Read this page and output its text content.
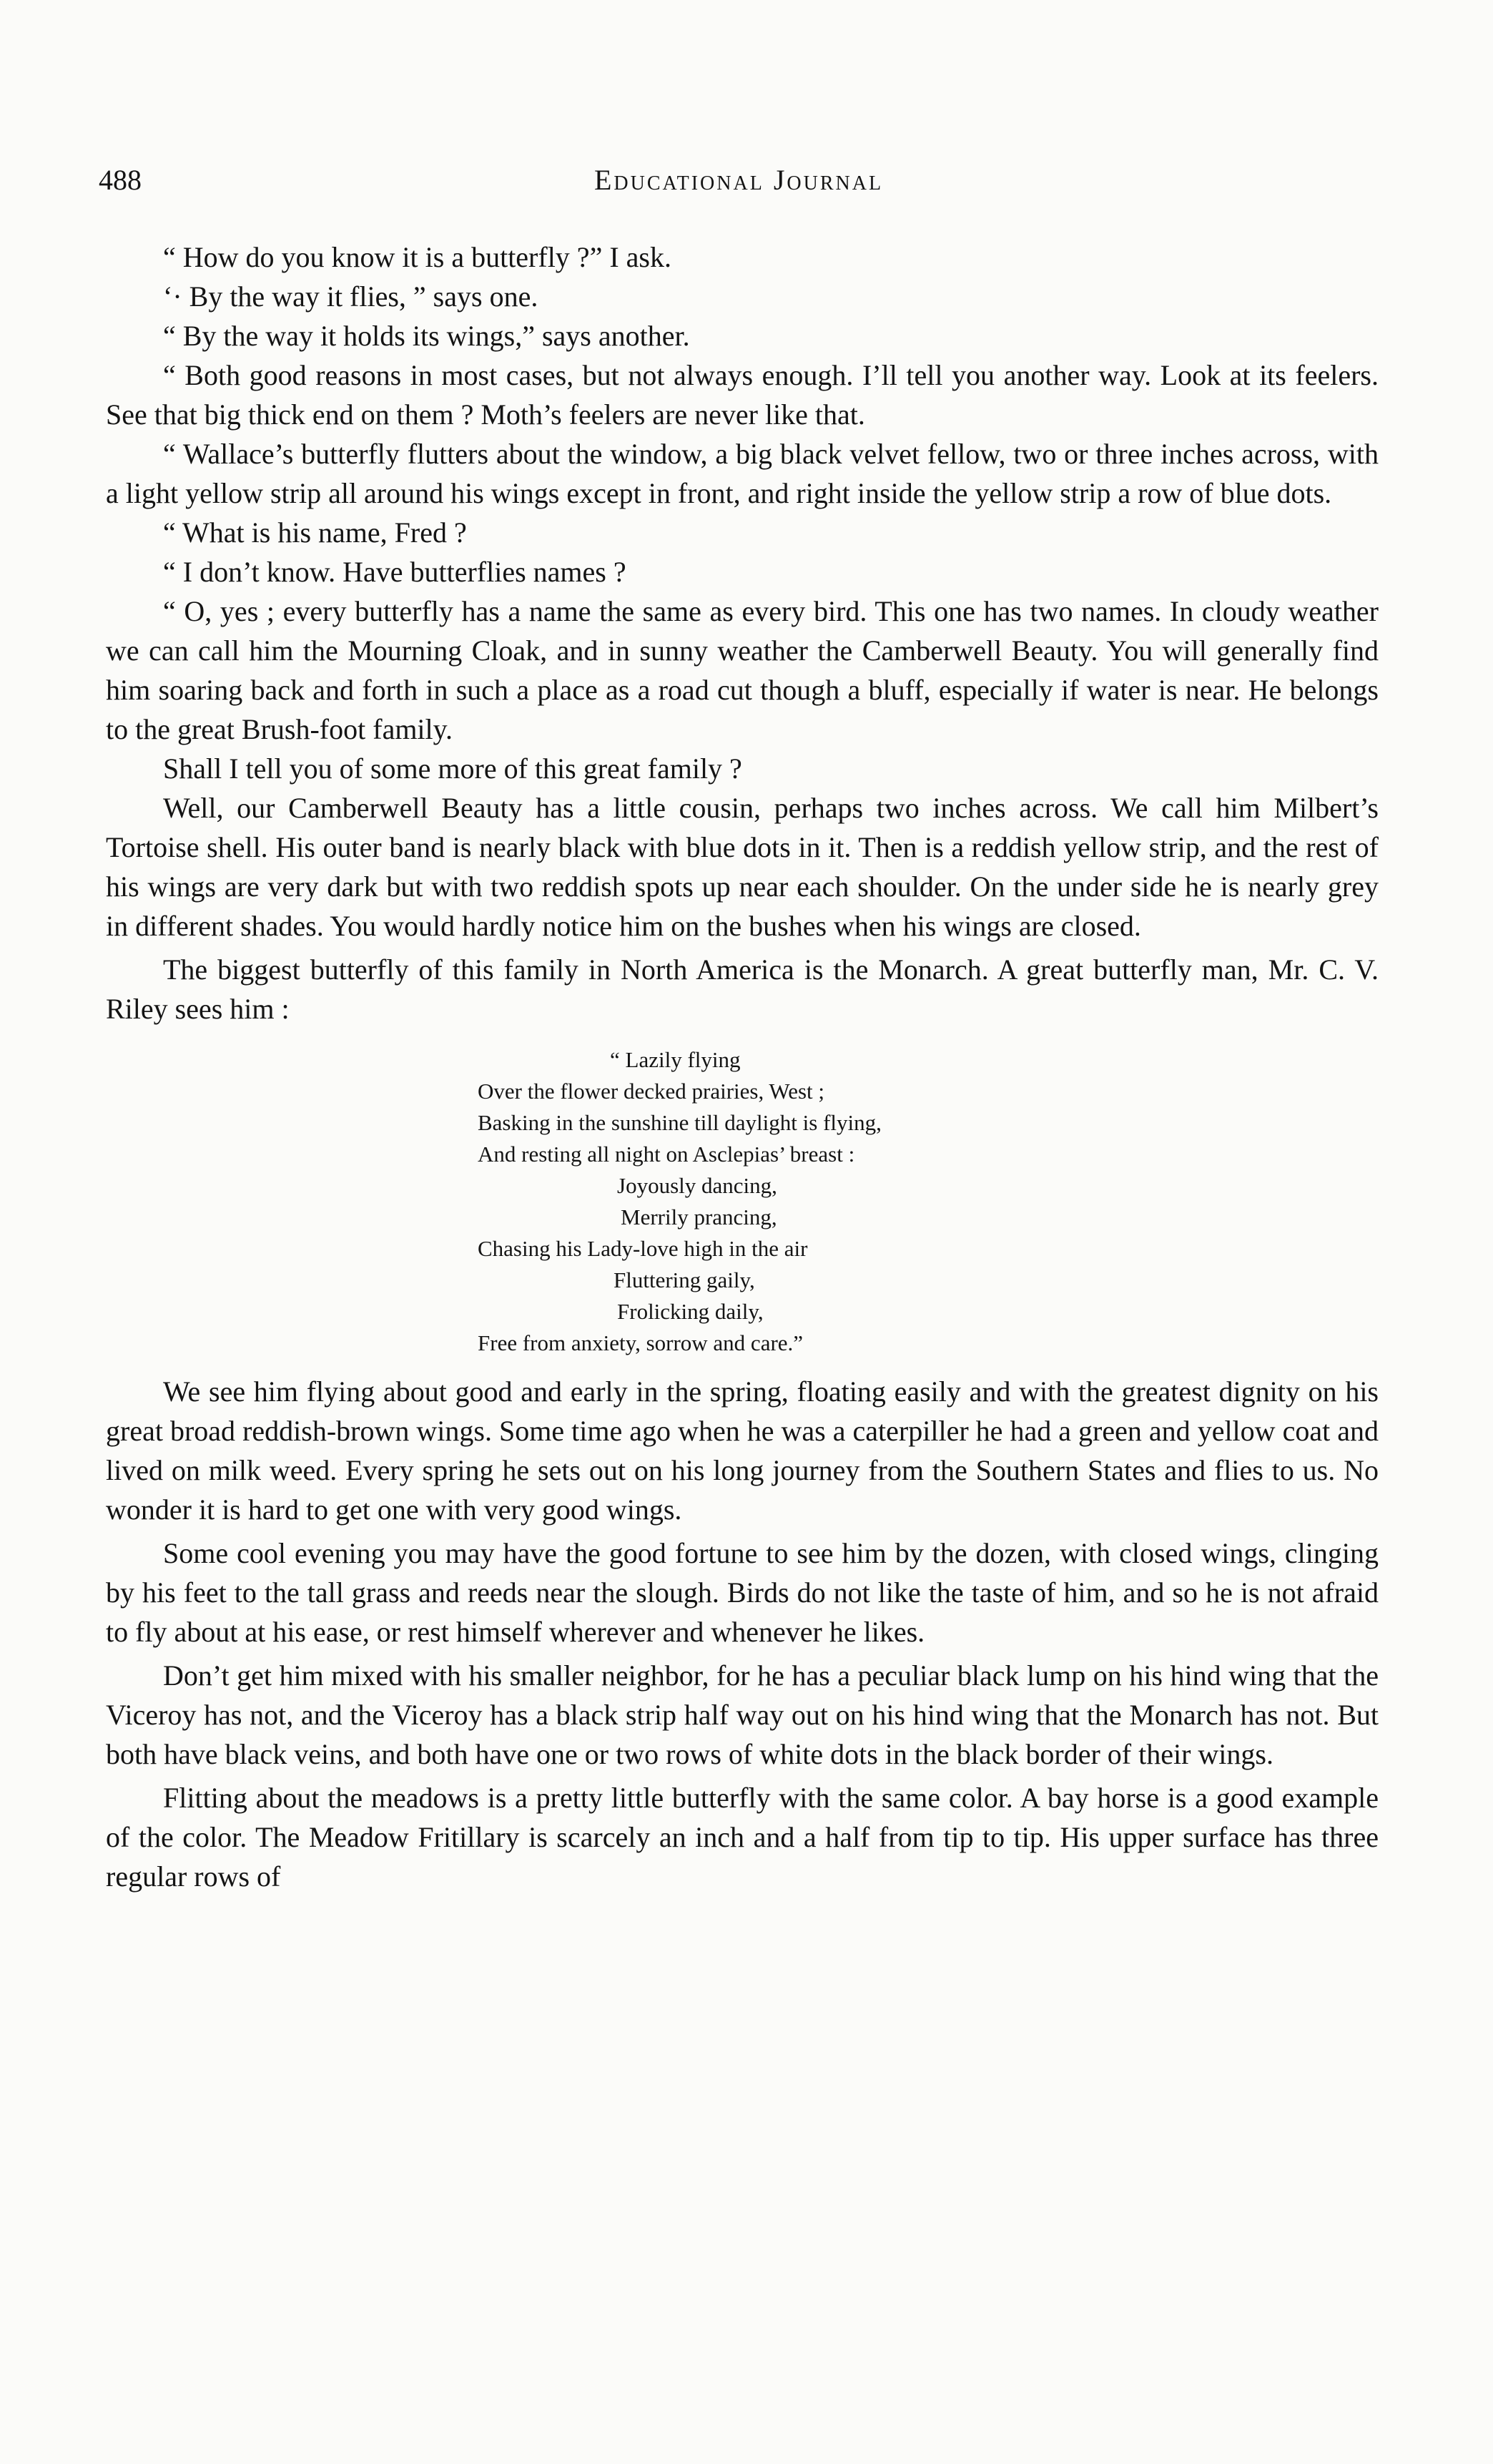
488	Educational Journal

“ How do you know it is a butterfly ?” I ask.

‘· By the way it flies, ” says one.

“ By the way it holds its wings,” says another.

“ Both good reasons in most cases, but not always enough. I’ll tell you another way. Look at its feelers. See that big thick end on them ? Moth’s feelers are never like that.

“ Wallace’s butterfly flutters about the window, a big black velvet fellow, two or three inches across, with a light yellow strip all around his wings except in front, and right inside the yellow strip a row of blue dots.

“ What is his name, Fred ?

“ I don’t know. Have butterflies names ?

“ O, yes ; every butterfly has a name the same as every bird. This one has two names. In cloudy weather we can call him the Mourning Cloak, and in sunny weather the Camberwell Beauty. You will generally find him soaring back and forth in such a place as a road cut though a bluff, especially if water is near. He belongs to the great Brush-foot family.

Shall I tell you of some more of this great family ?

Well, our Camberwell Beauty has a little cousin, perhaps two inches across. We call him Milbert’s Tortoise shell. His outer band is nearly black with blue dots in it. Then is a reddish yellow strip, and the rest of his wings are very dark but with two reddish spots up near each shoulder. On the under side he is nearly grey in different shades. You would hardly notice him on the bushes when his wings are closed.

The biggest butterfly of this family in North America is the Monarch. A great butterfly man, Mr. C. V. Riley sees him :

“ Lazily flying

Over the flower decked prairies, West ;

Basking in the sunshine till daylight is flying,

And resting all night on Asclepias’ breast :

Joyously dancing,

Merrily prancing,

Chasing his Lady-love high in the air

Fluttering gaily,

Frolicking daily,

Free from anxiety, sorrow and care.”

We see him flying about good and early in the spring, floating easily and with the greatest dignity on his great broad reddish-brown wings. Some time ago when he was a caterpiller he had a green and yellow coat and lived on milk weed. Every spring he sets out on his long journey from the Southern States and flies to us. No wonder it is hard to get one with very good wings.

Some cool evening you may have the good fortune to see him by the dozen, with closed wings, clinging by his feet to the tall grass and reeds near the slough. Birds do not like the taste of him, and so he is not afraid to fly about at his ease, or rest himself wherever and whenever he likes.

Don’t get him mixed with his smaller neighbor, for he has a peculiar black lump on his hind wing that the Viceroy has not, and the Viceroy has a black strip half way out on his hind wing that the Monarch has not. But both have black veins, and both have one or two rows of white dots in the black border of their wings.

Flitting about the meadows is a pretty little butterfly with the same color. A bay horse is a good example of the color. The Meadow Fritillary is scarcely an inch and a half from tip to tip. His upper surface has three regular rows of
